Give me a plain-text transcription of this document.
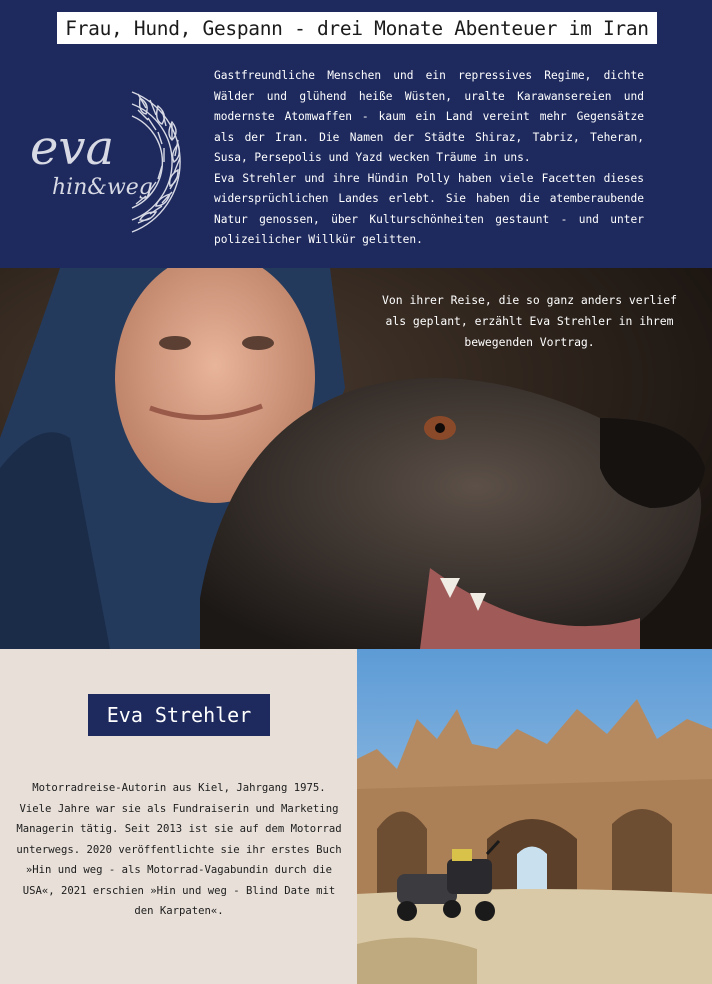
Frau, Hund, Gespann - drei Monate Abenteuer im Iran
eva
hin&weg

Gastfreundliche Menschen und ein repressives Regime, dichte Wälder und glühend heiße Wüsten, uralte Karawansereien und modernste Atomwaffen - kaum ein Land vereint mehr Gegensätze als der Iran. Die Namen der Städte Shiraz, Tabriz, Teheran, Susa, Persepolis und Yazd wecken Träume in uns.

Eva Strehler und ihre Hündin Polly haben viele Facetten dieses widersprüchlichen Landes erlebt. Sie haben die atemberaubende Natur genossen, über Kulturschönheiten gestaunt - und unter polizeilicher Willkür gelitten.

Von ihrer Reise, die so ganz anders verlief als geplant, erzählt Eva Strehler in ihrem bewegenden Vortrag.

Eva Strehler

Motorradreise-Autorin aus Kiel, Jahrgang 1975. Viele Jahre war sie als Fundraiserin und Marketing Managerin tätig. Seit 2013 ist sie auf dem Motorrad unterwegs. 2020 veröffentlichte sie ihr erstes Buch »Hin und weg - als Motorrad-Vagabundin durch die USA«, 2021 erschien »Hin und weg - Blind Date mit den Karpaten«.
